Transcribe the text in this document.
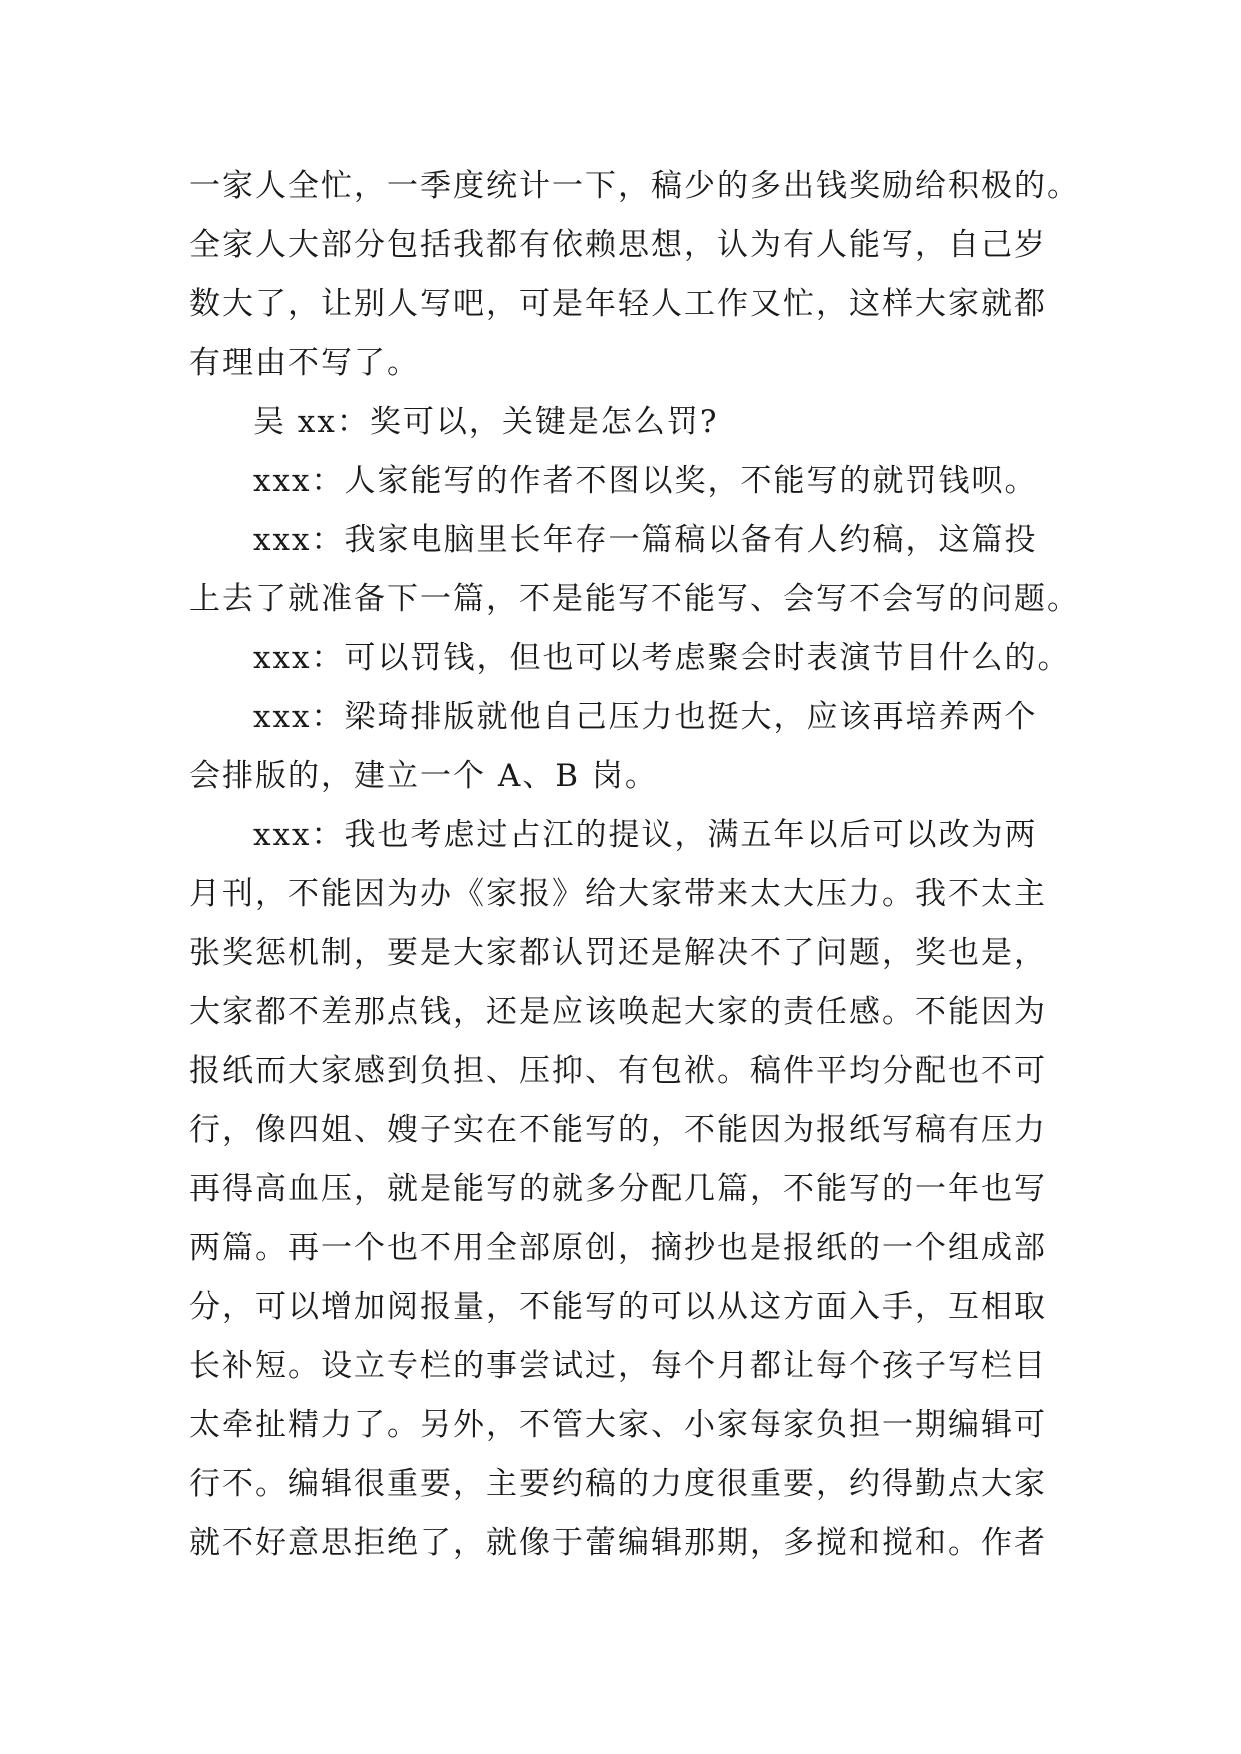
一家人全忙，一季度统计一下，稿少的多出钱奖励给积极的。
全家人大部分包括我都有依赖思想，认为有人能写，自己岁
数大了，让别人写吧，可是年轻人工作又忙，这样大家就都
有理由不写了。
吴 xx：奖可以，关键是怎么罚?
xxx：人家能写的作者不图以奖，不能写的就罚钱呗。
xxx：我家电脑里长年存一篇稿以备有人约稿，这篇投
上去了就准备下一篇，不是能写不能写、会写不会写的问题。
xxx：可以罚钱，但也可以考虑聚会时表演节目什么的。
xxx：梁琦排版就他自己压力也挺大，应该再培养两个
会排版的，建立一个 A、B 岗。
xxx：我也考虑过占江的提议，满五年以后可以改为两
月刊，不能因为办《家报》给大家带来太大压力。我不太主
张奖惩机制，要是大家都认罚还是解决不了问题，奖也是，
大家都不差那点钱，还是应该唤起大家的责任感。不能因为
报纸而大家感到负担、压抑、有包袱。稿件平均分配也不可
行，像四姐、嫂子实在不能写的，不能因为报纸写稿有压力
再得高血压，就是能写的就多分配几篇，不能写的一年也写
两篇。再一个也不用全部原创，摘抄也是报纸的一个组成部
分，可以增加阅报量，不能写的可以从这方面入手，互相取
长补短。设立专栏的事尝试过，每个月都让每个孩子写栏目
太牵扯精力了。另外，不管大家、小家每家负担一期编辑可
行不。编辑很重要，主要约稿的力度很重要，约得勤点大家
就不好意思拒绝了，就像于蕾编辑那期，多搅和搅和。作者
